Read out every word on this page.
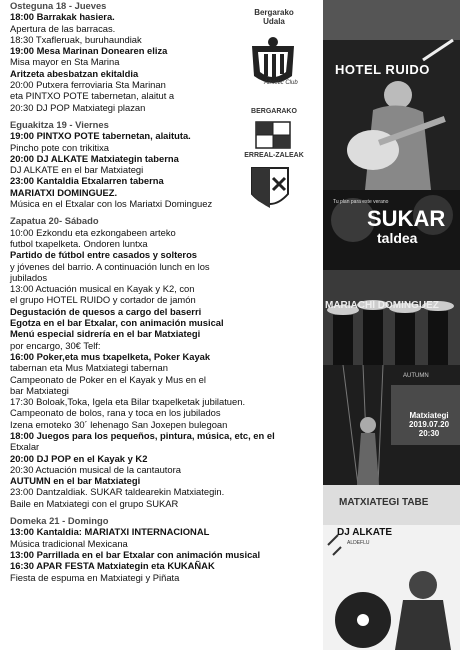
Osteguna 18 - Jueves
18:00 Barrakak hasiera.
Apertura de las barracas.
18:30 Txafleruak, buruhaundiak
19:00 Mesa Marinan Donearen eliza
Misa mayor en Sta Marina
Aritzeta abesbatzan ekitaldia
20:00 Putxera ferroviaria Sta Marinan
eta PINTXO POTE tabernetan, alaitut a
20:30 DJ POP Matxiategi plazan
Eguakitza 19 - Viernes
19:00 PINTXO POTE tabernetan, alaituta.
Pincho pote con trikitixa
20:00 DJ ALKATE Matxiategin taberna
DJ ALKATE en el bar Matxiategi
23:00 Kantaldia Etxalarren taberna
MARIATXI DOMINGUEZ.
Música en el Etxalar con los Mariatxi Dominguez
Zapatua 20- Sábado
10:00 Ezkondu eta ezkongabeen arteko
futbol txapelketa. Ondoren luntxa
Partido de fútbol entre casados y solteros
y jóvenes del barrio. A continuación lunch en los
jubilados
13:00 Actuación musical en Kayak y K2, con
el grupo HOTEL RUIDO y cortador de jamón
Degustación de quesos a cargo del baserri
Egotza en el bar Etxalar, con animación musical
Menú especial sidrería en el bar Matxiategi
por encargo, 30€ Telf:
16:00 Poker,eta mus txapelketa, Poker Kayak
tabernan eta Mus Matxiategi tabernan
Campeonato de Poker en el Kayak y Mus en el
bar Matxiategi
17:30 Boloak,Toka, Igela eta Bilar txapelketak jubilatuen.
Campeonato de bolos, rana y toca en los jubilados
Izena emoteko 30´ lehenago San Joxepen bulegoan
18:00 Juegos para los pequeños, pintura, música, etc, en el
Etxalar
20:00 DJ POP en el Kayak y K2
20:30 Actuación musical de la cantautora
AUTUMN en el bar Matxiategi
23:00 Dantzaldiak. SUKAR taldearekin Matxiategin.
Baile en Matxiategi con el grupo SUKAR
Domeka 21 - Domingo
13:00 Kantaldia: MARIATXI INTERNACIONAL
Música tradicional Mexicana
13:00 Parrillada en el bar Etxalar con animación musical
16:30 APAR FESTA Matxiategin eta KUKAÑAK
Fiesta de espuma en Matxiategi y Piñata
Bergarako
Udala
Athletic Club
BERGARAKO
ERREAL-ZALEAK
HOTEL RUIDO
Tu plan para este verano
SUKAR
taldea
MARIACHI DOMINGUEZ
AUTUMN
Matxiategi
2019.07.20
20:30
MATXIATEGI TABE
DJ ALKATE
ALDEFLU
